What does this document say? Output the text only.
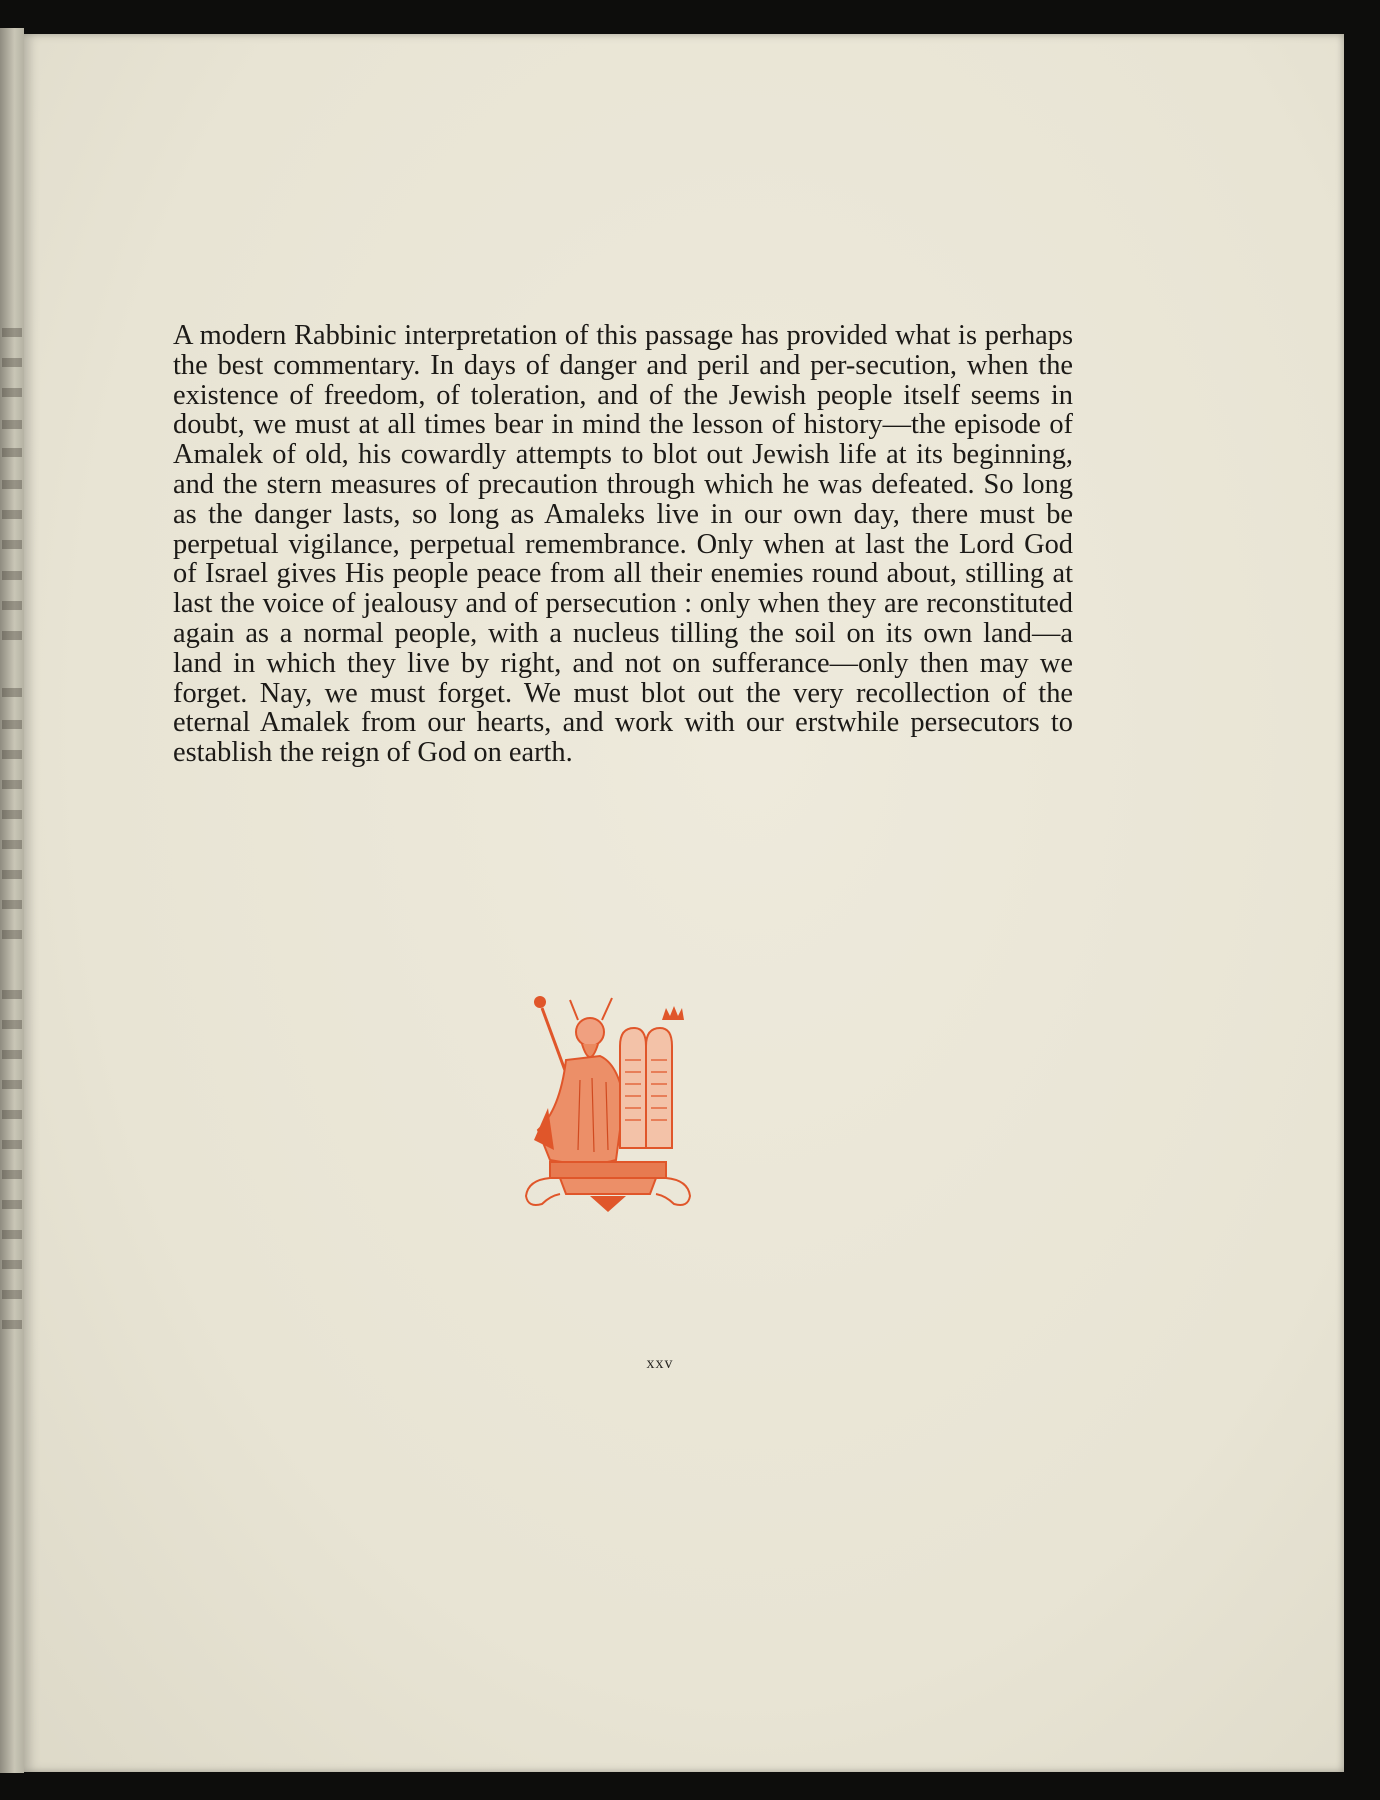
A modern Rabbinic interpretation of this passage has provided what is perhaps the best commentary. In days of danger and peril and per-secution, when the existence of freedom, of toleration, and of the Jewish people itself seems in doubt, we must at all times bear in mind the lesson of history—the episode of Amalek of old, his cowardly attempts to blot out Jewish life at its beginning, and the stern measures of precaution through which he was defeated. So long as the danger lasts, so long as Amaleks live in our own day, there must be perpetual vigilance, perpetual remembrance. Only when at last the Lord God of Israel gives His people peace from all their enemies round about, stilling at last the voice of jealousy and of persecution : only when they are reconstituted again as a normal people, with a nucleus tilling the soil on its own land—a land in which they live by right, and not on sufferance—only then may we forget. Nay, we must forget. We must blot out the very recollection of the eternal Amalek from our hearts, and work with our erstwhile persecutors to establish the reign of God on earth.

xxv
